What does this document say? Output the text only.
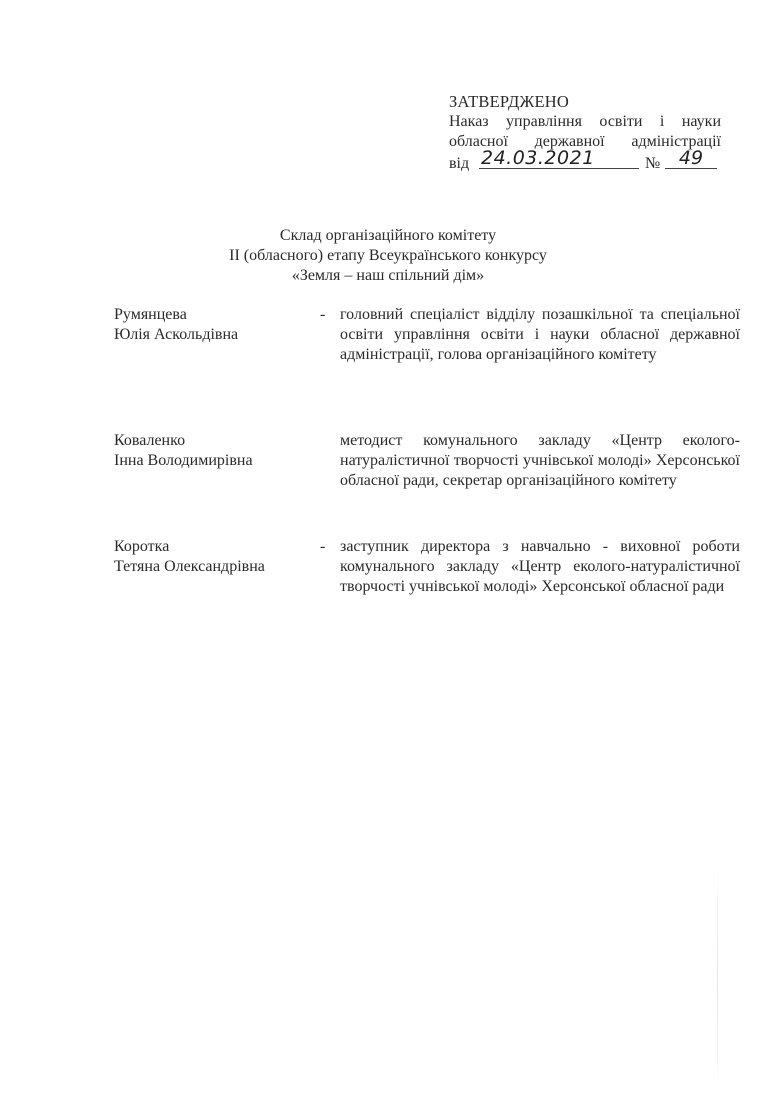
ЗАТВЕРДЖЕНО
Наказ управління освіти і науки
обласної державної адміністрації
від 24.03.2021	№ 49
Склад організаційного комітету
ІІ (обласного) етапу Всеукраїнського конкурсу
«Земля – наш спільний дім»
Румянцева
Юлія Аскольдівна
- головний спеціаліст відділу позашкільної та спеціальної освіти управління освіти і науки обласної державної адміністрації, голова організаційного комітету
Коваленко
Інна Володимирівна
методист комунального закладу «Центр еколого-натуралістичної творчості учнівської молоді» Херсонської обласної ради, секретар організаційного комітету
Коротка
Тетяна Олександрівна
- заступник директора з навчально - виховної роботи комунального закладу «Центр еколого-натуралістичної творчості учнівської молоді» Херсонської обласної ради
